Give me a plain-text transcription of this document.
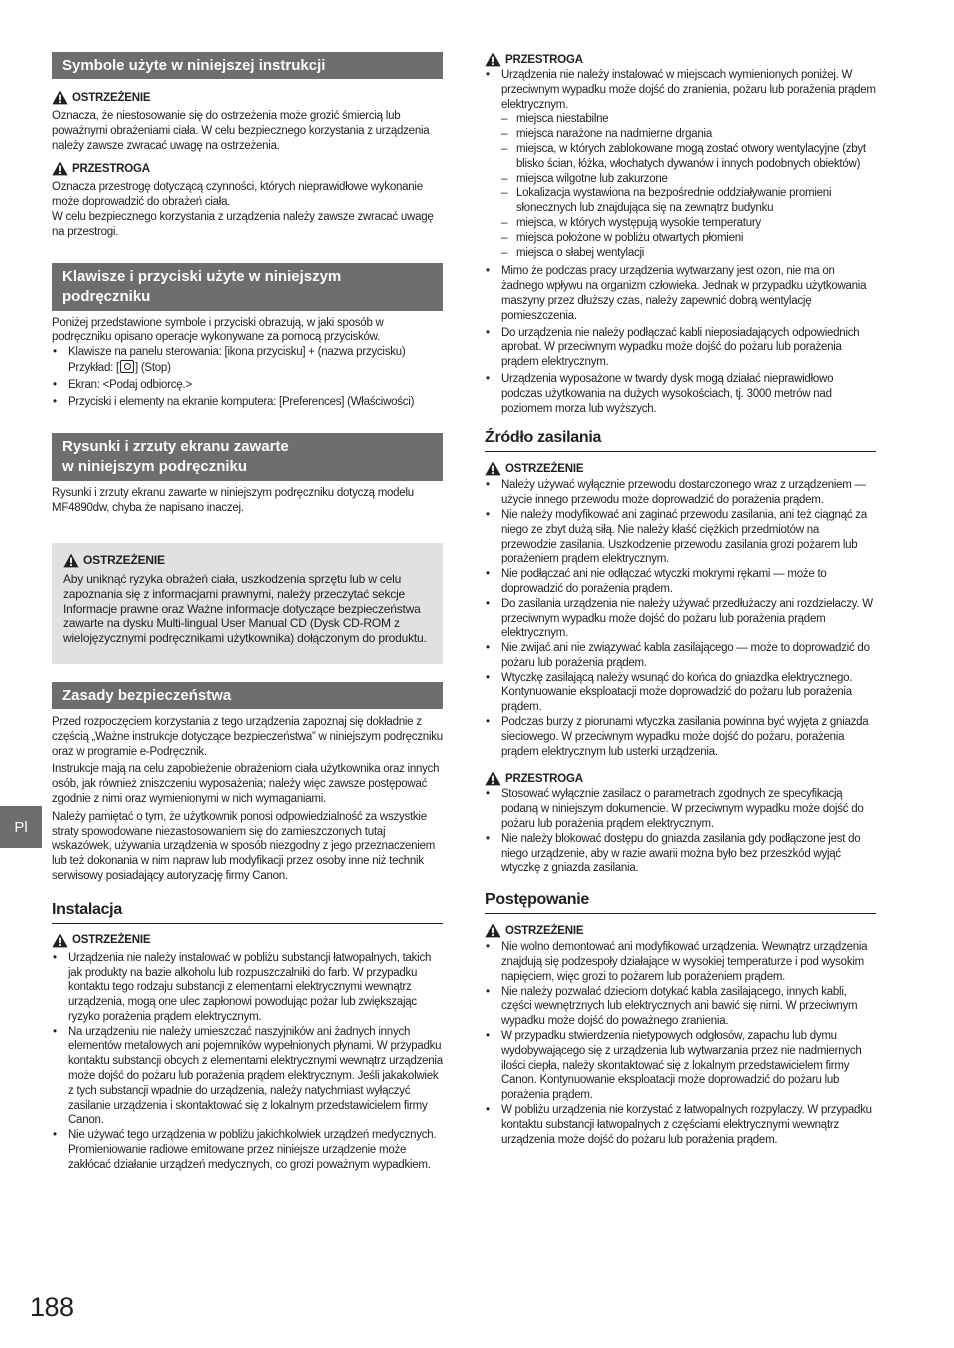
Symbole użyte w niniejszej instrukcji
OSTRZEŻENIE

Oznacza, że niestosowanie się do ostrzeżenia może grozić śmiercią lub poważnymi obrażeniami ciała. W celu bezpiecznego korzystania z urządzenia należy zawsze zwracać uwagę na ostrzeżenia.

PRZESTROGA

Oznacza przestrogę dotyczącą czynności, których nieprawidłowe wykonanie może doprowadzić do obrażeń ciała.

W celu bezpiecznego korzystania z urządzenia należy zawsze zwracać uwagę na przestrogi.

Klawisze i przyciski użyte w niniejszym podręczniku

Poniżej przedstawione symbole i przyciski obrazują, w jaki sposób w podręczniku opisano operacje wykonywane za pomocą przycisków.

• Klawisze na panelu sterowania: [ikona przycisku] + (nazwa przycisku)
Przykład: [ ] (Stop)
• Ekran: <Podaj odbiorcę.>
• Przyciski i elementy na ekranie komputera: [Preferences] (Właściwości)
Rysunki i zrzuty ekranu zawarte
w niniejszym podręczniku

Rysunki i zrzuty ekranu zawarte w niniejszym podręczniku dotyczą modelu MF4890dw, chyba że napisano inaczej.

OSTRZEŻENIE

Aby uniknąć ryzyka obrażeń ciała, uszkodzenia sprzętu lub w celu zapoznania się z informacjami prawnymi, należy przeczytać sekcje Informacje prawne oraz Ważne informacje dotyczące bezpieczeństwa zawarte na dysku Multi-lingual User Manual CD (Dysk CD-ROM z wielojęzycznymi podręcznikami użytkownika) dołączonym do produktu.

Zasady bezpieczeństwa

Przed rozpoczęciem korzystania z tego urządzenia zapoznaj się dokładnie z częścią „Ważne instrukcje dotyczące bezpieczeństwa” w niniejszym podręczniku oraz w programie e-Podręcznik.

Instrukcje mają na celu zapobieżenie obrażeniom ciała użytkownika oraz innych osób, jak również zniszczeniu wyposażenia; należy więc zawsze postępować zgodnie z nimi oraz wymienionymi w nich wymaganiami.

Należy pamiętać o tym, że użytkownik ponosi odpowiedzialność za wszystkie straty spowodowane niezastosowaniem się do zamieszczonych tutaj wskazówek, używania urządzenia w sposób niezgodny z jego przeznaczeniem lub też dokonania w nim napraw lub modyfikacji przez osoby inne niż technik serwisowy posiadający autoryzację firmy Canon.

Instalacja
OSTRZEŻENIE
• Urządzenia nie należy instalować w pobliżu substancji łatwopalnych, takich jak produkty na bazie alkoholu lub rozpuszczalniki do farb. W przypadku kontaktu tego rodzaju substancji z elementami elektrycznymi wewnątrz urządzenia, mogą one ulec zapłonowi powodując pożar lub zwiększając ryzyko porażenia prądem elektrycznym.
• Na urządzeniu nie należy umieszczać naszyjników ani żadnych innych elementów metalowych ani pojemników wypełnionych płynami. W przypadku kontaktu substancji obcych z elementami elektrycznymi wewnątrz urządzenia może dojść do pożaru lub porażenia prądem elektrycznym. Jeśli jakakolwiek z tych substancji wpadnie do urządzenia, należy natychmiast wyłączyć zasilanie urządzenia i skontaktować się z lokalnym przedstawicielem firmy Canon.
• Nie używać tego urządzenia w pobliżu jakichkolwiek urządzeń medycznych. Promieniowanie radiowe emitowane przez niniejsze urządzenie może zakłócać działanie urządzeń medycznych, co grozi poważnym wypadkiem.
PRZESTROGA
• Urządzenia nie należy instalować w miejscach wymienionych poniżej. W przeciwnym wypadku może dojść do zranienia, pożaru lub porażenia prądem elektrycznym.
– miejsca niestabilne
– miejsca narażone na nadmierne drgania
– miejsca, w których zablokowane mogą zostać otwory wentylacyjne (zbyt blisko ścian, łóżka, włochatych dywanów i innych podobnych obiektów)
– miejsca wilgotne lub zakurzone
– Lokalizacja wystawiona na bezpośrednie oddziaływanie promieni słonecznych lub znajdująca się na zewnątrz budynku
– miejsca, w których występują wysokie temperatury
– miejsca położone w pobliżu otwartych płomieni
– miejsca o słabej wentylacji
• Mimo że podczas pracy urządzenia wytwarzany jest ozon, nie ma on żadnego wpływu na organizm człowieka. Jednak w przypadku użytkowania maszyny przez dłuższy czas, należy zapewnić dobrą wentylację pomieszczenia.
• Do urządzenia nie należy podłączać kabli nieposiadających odpowiednich aprobat. W przeciwnym wypadku może dojść do pożaru lub porażenia prądem elektrycznym.
• Urządzenia wyposażone w twardy dysk mogą działać nieprawidłowo podczas użytkowania na dużych wysokościach, tj. 3000 metrów nad poziomem morza lub wyższych.
Źródło zasilania
OSTRZEŻENIE
• Należy używać wyłącznie przewodu dostarczonego wraz z urządzeniem — użycie innego przewodu może doprowadzić do porażenia prądem.
• Nie należy modyfikować ani zaginać przewodu zasilania, ani też ciągnąć za niego ze zbyt dużą siłą. Nie należy kłaść ciężkich przedmiotów na przewodzie zasilania. Uszkodzenie przewodu zasilania grozi pożarem lub porażeniem prądem elektrycznym.
• Nie podłączać ani nie odłączać wtyczki mokrymi rękami — może to doprowadzić do porażenia prądem.
• Do zasilania urządzenia nie należy używać przedłużaczy ani rozdzielaczy. W przeciwnym wypadku może dojść do pożaru lub porażenia prądem elektrycznym.
• Nie zwijać ani nie związywać kabla zasilającego — może to doprowadzić do pożaru lub porażenia prądem.
• Wtyczkę zasilającą należy wsunąć do końca do gniazdka elektrycznego. Kontynuowanie eksploatacji może doprowadzić do pożaru lub porażenia prądem.
• Podczas burzy z piorunami wtyczka zasilania powinna być wyjęta z gniazda sieciowego. W przeciwnym wypadku może dojść do pożaru, porażenia prądem elektrycznym lub usterki urządzenia.
PRZESTROGA
• Stosować wyłącznie zasilacz o parametrach zgodnych ze specyfikacją podaną w niniejszym dokumencie. W przeciwnym wypadku może dojść do pożaru lub porażenia prądem elektrycznym.
• Nie należy blokować dostępu do gniazda zasilania gdy podłączone jest do niego urządzenie, aby w razie awarii można było bez przeszkód wyjąć wtyczkę z gniazda zasilania.
Postępowanie
OSTRZEŻENIE
• Nie wolno demontować ani modyfikować urządzenia. Wewnątrz urządzenia znajdują się podzespoły działające w wysokiej temperaturze i pod wysokim napięciem, więc grozi to pożarem lub porażeniem prądem.
• Nie należy pozwalać dzieciom dotykać kabla zasilającego, innych kabli, części wewnętrznych lub elektrycznych ani bawić się nimi. W przeciwnym wypadku może dojść do poważnego zranienia.
• W przypadku stwierdzenia nietypowych odgłosów, zapachu lub dymu wydobywającego się z urządzenia lub wytwarzania przez nie nadmiernych ilości ciepła, należy skontaktować się z lokalnym przedstawicielem firmy Canon. Kontynuowanie eksploatacji może doprowadzić do pożaru lub porażenia prądem.
• W pobliżu urządzenia nie korzystać z łatwopalnych rozpylaczy. W przypadku kontaktu substancji łatwopalnych z częściami elektrycznymi wewnątrz urządzenia może dojść do pożaru lub porażenia prądem.
Pl
188
